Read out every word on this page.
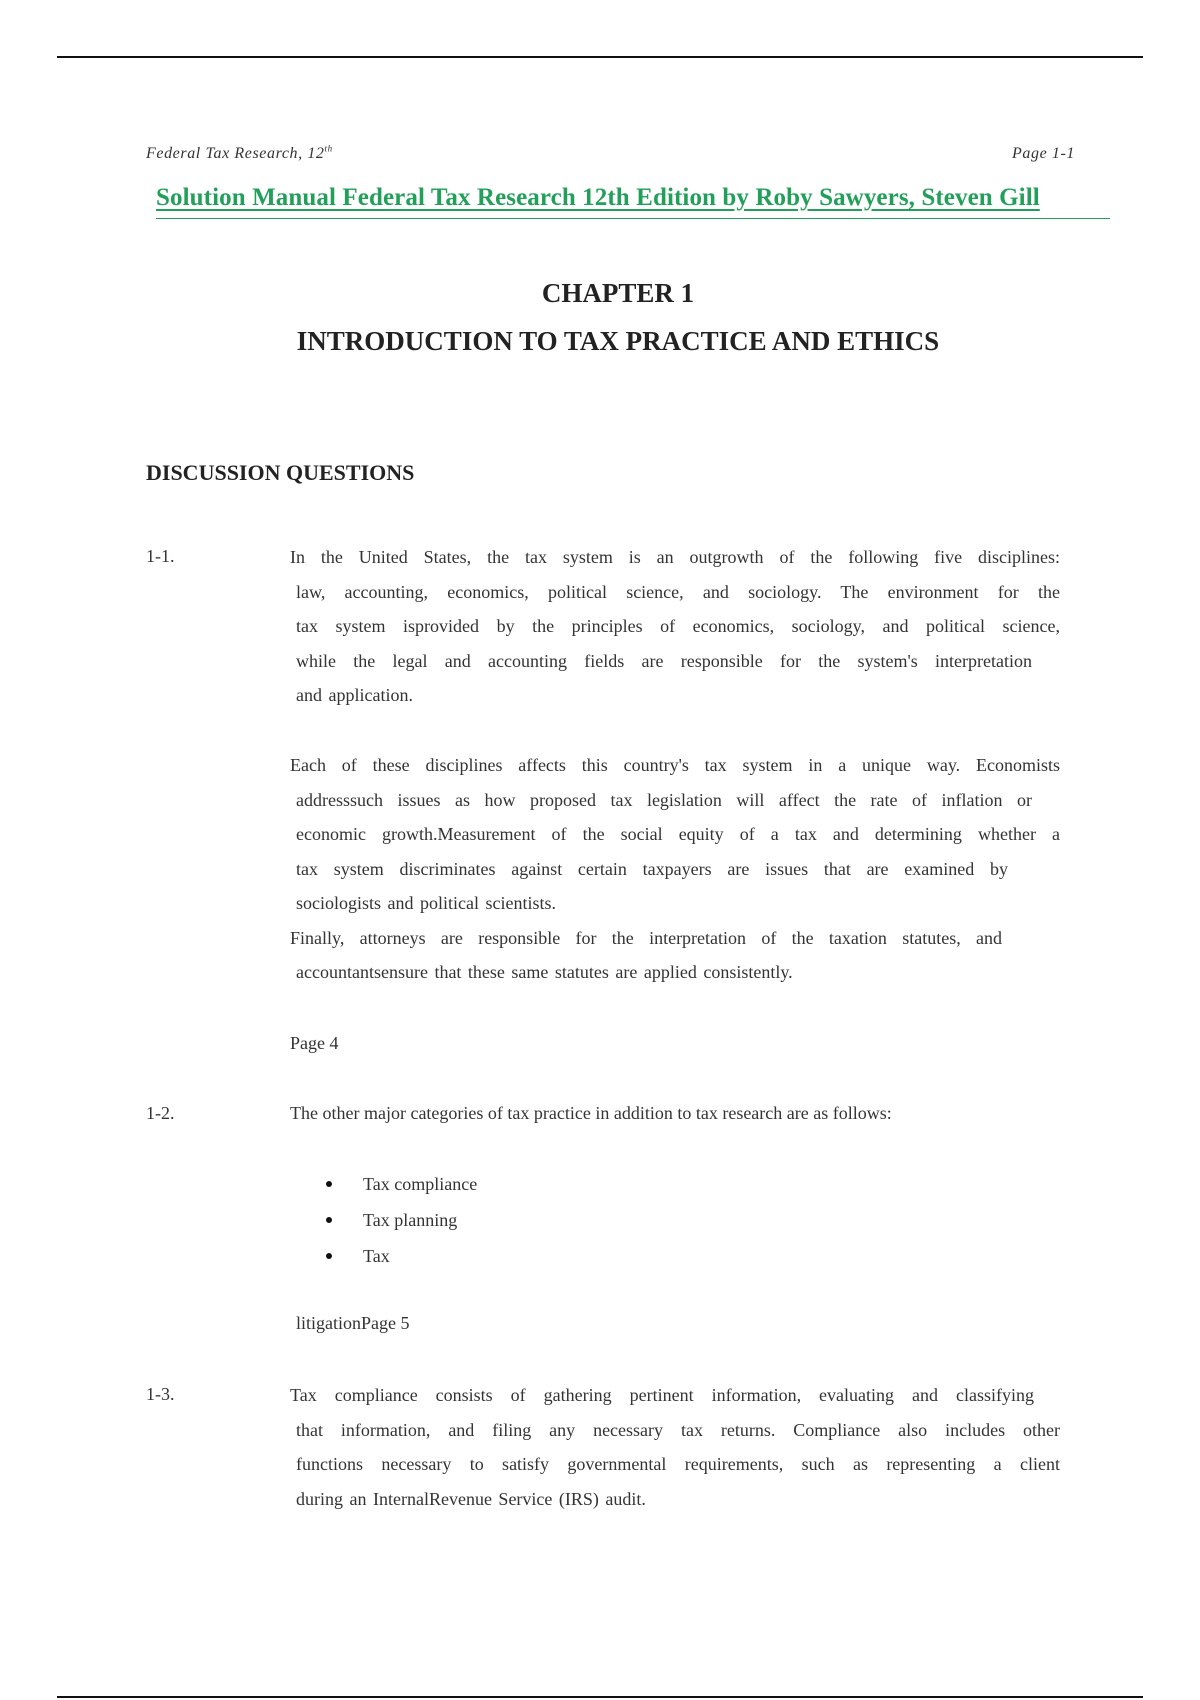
Federal Tax Research, 12th	Page 1-1
Solution Manual Federal Tax Research 12th Edition by Roby Sawyers, Steven Gill
CHAPTER 1
INTRODUCTION TO TAX PRACTICE AND ETHICS
DISCUSSION QUESTIONS
1-1.	In the United States, the tax system is an outgrowth of the following five disciplines:
law, accounting, economics, political science, and sociology. The environment for the
tax system isprovided by the principles of economics, sociology, and political science,
while the legal and accounting fields are responsible for the system's interpretation
and application.
Each of these disciplines affects this country's tax system in a unique way. Economists
addresssuch issues as how proposed tax legislation will affect the rate of inflation or
economic growth.Measurement of the social equity of a tax and determining whether a
tax system discriminates against certain taxpayers are issues that are examined by
sociologists and political scientists.
Finally, attorneys are responsible for the interpretation of the taxation statutes, and
accountantsensure that these same statutes are applied consistently.
Page 4
1-2.	The other major categories of tax practice in addition to tax research are as follows:
Tax compliance
Tax planning
Tax
litigationPage 5
1-3.	Tax compliance consists of gathering pertinent information, evaluating and classifying
that information, and filing any necessary tax returns. Compliance also includes other
functions necessary to satisfy governmental requirements, such as representing a client
during an InternalRevenue Service (IRS) audit.
